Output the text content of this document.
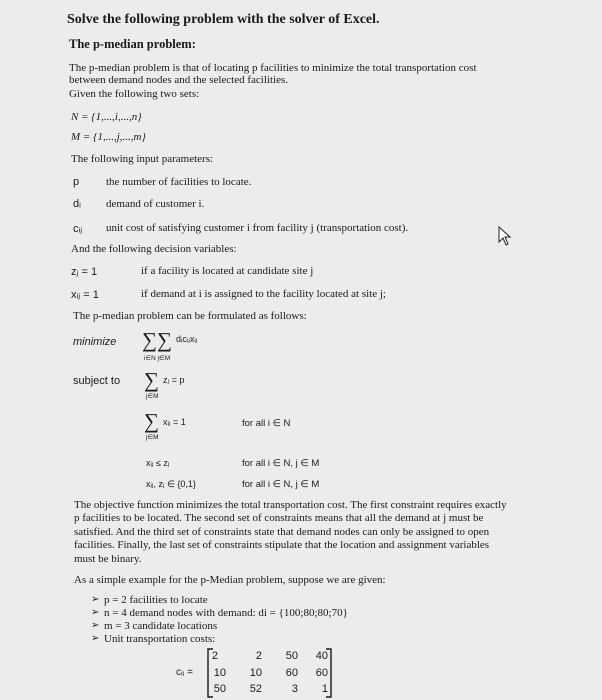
Solve the following problem with the solver of Excel.
The p-median problem:
The p-median problem is that of locating p facilities to minimize the total transportation cost
between demand nodes and the selected facilities.
Given the following two sets:
N = {1,...,i,...,n}
M = {1,...,j,...,m}
The following input parameters:
p the number of facilities to locate.
dᵢ demand of customer i.
cᵢⱼ unit cost of satisfying customer i from facility j (transportation cost).
And the following decision variables:
zⱼ = 1	if a facility is located at candidate site j
xᵢⱼ = 1	if demand at i is assigned to the facility located at site j;
The p-median problem can be formulated as follows:
minimize ∑∑ dᵢcᵢⱼxᵢⱼ
i∈N j∈M
subject to ∑ zⱼ = p
j∈M
∑ xᵢⱼ = 1
j∈M
for all i ∈ N
xᵢⱼ ≤ zⱼ	for all i ∈ N, j ∈ M
xᵢⱼ, zⱼ ∈ {0,1}	for all i ∈ N, j ∈ M
The objective function minimizes the total transportation cost. The first constraint requires exactly
p facilities to be located. The second set of constraints means that all the demand at j must be
satisfied. And the third set of constraints state that demand nodes can only be assigned to open
facilities. Finally, the last set of constraints stipulate that the location and assignment variables
must be binary.
As a simple example for the p-Median problem, suppose we are given:
➢ p = 2 facilities to locate
➢ n = 4 demand nodes with demand: di = {100;80;80;70}
➢ m = 3 candidate locations
➢ Unit transportation costs:
cᵢⱼ =
2	2	50	40
10	10	60	60
50	52	3	1
